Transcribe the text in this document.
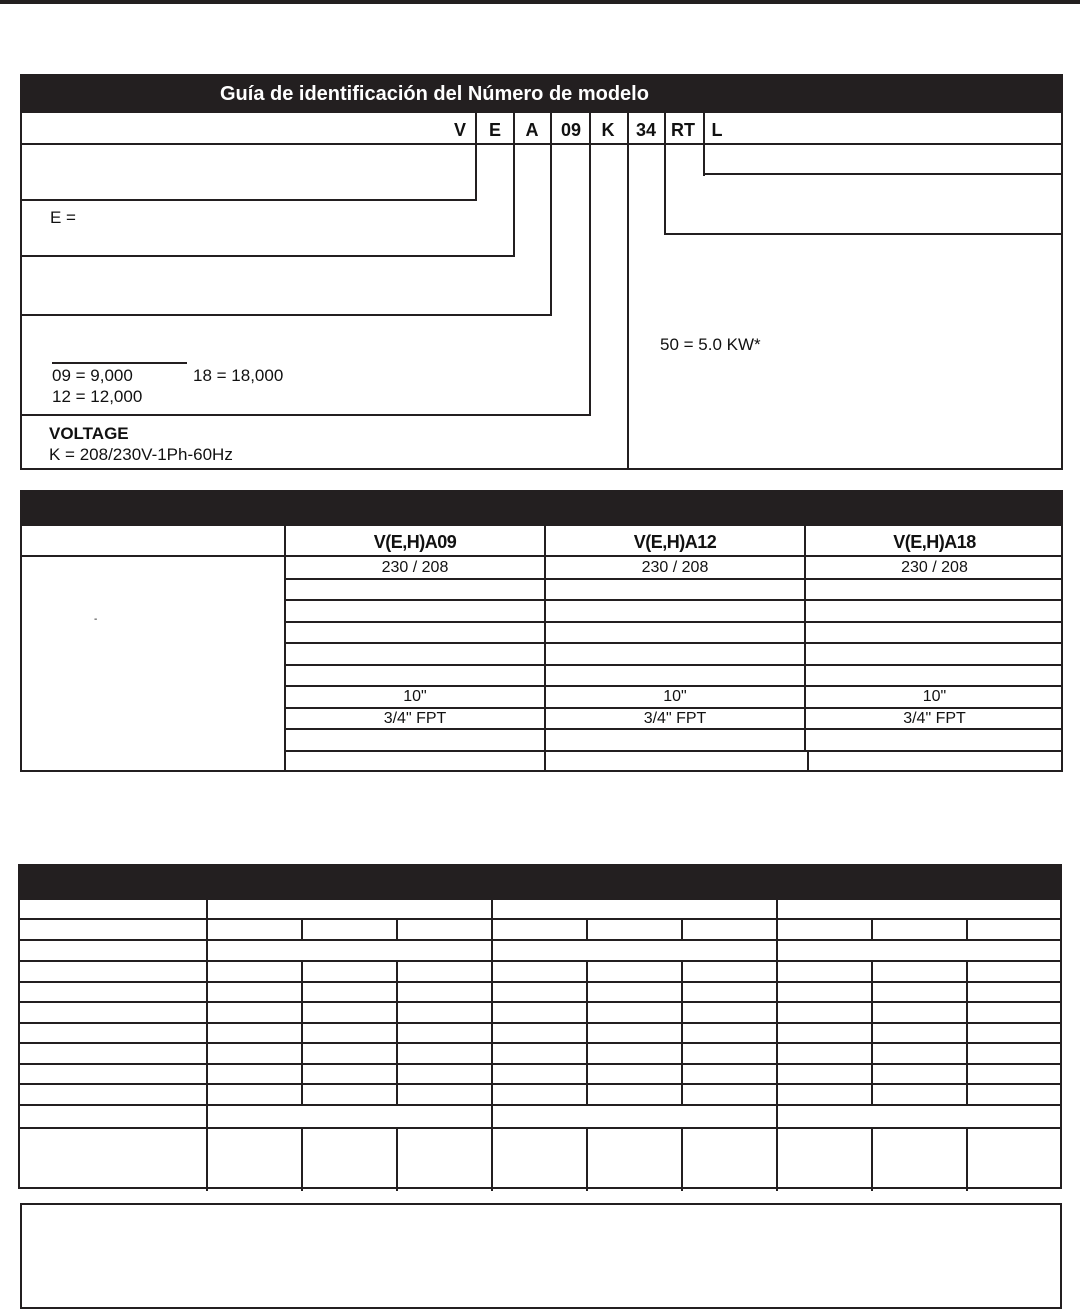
Guía de identificación del Número de modelo
V	E	A	09	K	34 RT L
E =
09 = 9,000	18 = 18,000
12 = 12,000
VOLTAGE
K = 208/230V-1Ph-60Hz
50 = 5.0 KW*
V(E,H)A09	V(E,H)A12	V(E,H)A18
230 / 208	230 / 208	230 / 208
10"	10"	10"
3/4" FPT	3/4" FPT	3/4" FPT
-
